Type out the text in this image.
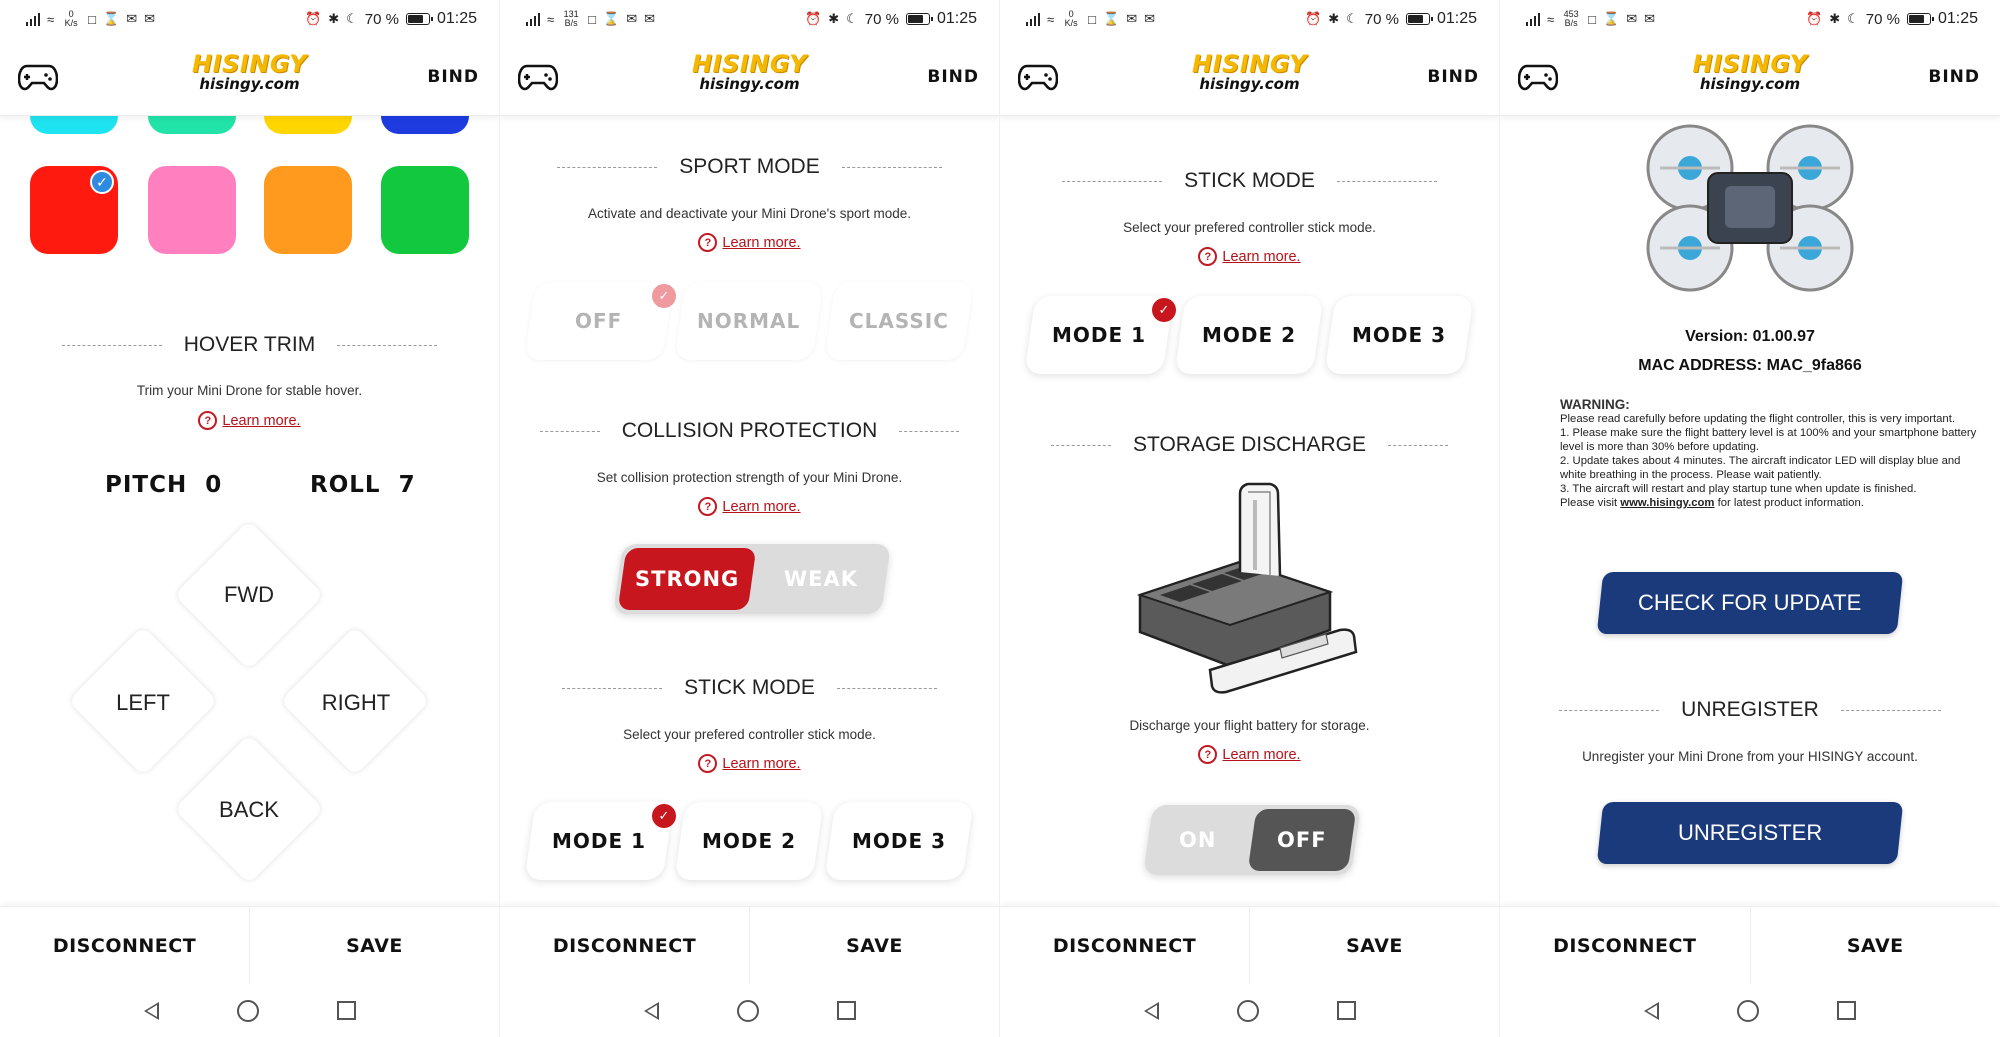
≈	0
K/s □ ⌛ ✉ ✉	⏰ ✱ ☾ 70 % 01:25
HISINGY
hisingy.com	BIND
✓
HOVER TRIM
Trim your Mini Drone for stable hover.
? Learn more.
PITCH 0	ROLL 7
FWD
LEFT	RIGHT
BACK
DISCONNECT	SAVE
≈ 131
B/s □ ⌛ ✉ ✉	⏰ ✱ ☾ 70 % 01:25
HISINGY
hisingy.com	BIND
SPORT MODE
Activate and deactivate your Mini Drone's sport mode.
? Learn more.
OFF
✓
NORMAL CLASSIC
COLLISION PROTECTION
Set collision protection strength of your Mini Drone.
? Learn more.
STRONG WEAK
STICK MODE
Select your prefered controller stick mode.
? Learn more.
MODE 1
✓
MODE 2	MODE 3
DISCONNECT	SAVE
≈	0
K/s □ ⌛ ✉ ✉	⏰ ✱ ☾ 70 % 01:25
HISINGY
hisingy.com	BIND
STICK MODE
Select your prefered controller stick mode.
? Learn more.
MODE 1
✓
MODE 2	MODE 3
STORAGE DISCHARGE
Discharge your flight battery for storage.
? Learn more.
ON	OFF
DISCONNECT	SAVE
≈ 453
B/s □ ⌛ ✉ ✉	⏰ ✱ ☾ 70 % 01:25
HISINGY
hisingy.com	BIND
Version: 01.00.97
MAC ADDRESS: MAC_9fa866
WARNING:
Please read carefully before updating the flight controller, this is very important.
1. Please make sure the flight battery level is at 100% and your smartphone battery level is more than 30% before updating.
2. Update takes about 4 minutes. The aircraft indicator LED will display blue and white breathing in the process. Please wait patiently.
3. The aircraft will restart and play startup tune when update is finished.
Please visit www.hisingy.com for latest product information.
CHECK FOR UPDATE
UNREGISTER
Unregister your Mini Drone from your HISINGY account.
UNREGISTER
DISCONNECT	SAVE
